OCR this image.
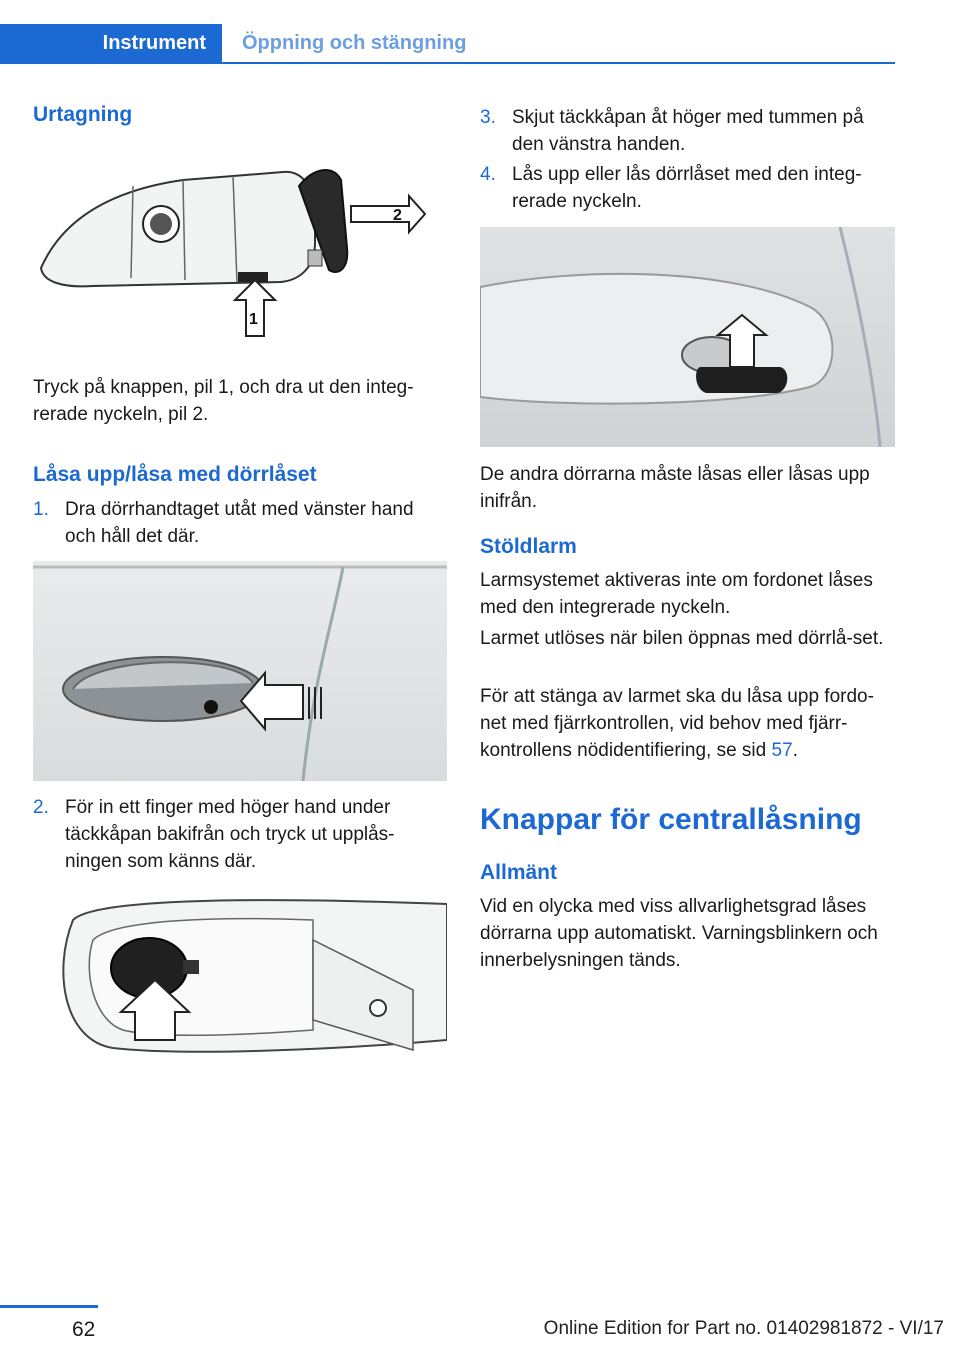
Instrument Öppning och stängning
Urtagning
2
1

Tryck på knappen, pil 1, och dra ut den integ‐rerade nyckeln, pil 2.

Låsa upp/låsa med dörrlåset
1. Dra dörrhandtaget utåt med vänster hand och håll det där.
2. För in ett finger med höger hand under täckkåpan bakifrån och tryck ut upplås‐ningen som känns där.
3. Skjut täckkåpan åt höger med tummen på den vänstra handen.
4. Lås upp eller lås dörrlåset med den integ‐rerade nyckeln.

De andra dörrarna måste låsas eller låsas upp inifrån.

Stöldlarm

Larmsystemet aktiveras inte om fordonet låses med den integrerade nyckeln.

Larmet utlöses när bilen öppnas med dörrlå‐set.

För att stänga av larmet ska du låsa upp fordo‐net med fjärrkontrollen, vid behov med fjärr‐kontrollens nödidentifiering, se sid 57.

Knappar för centrallåsning
Allmänt

Vid en olycka med viss allvarlighetsgrad låses dörrarna upp automatiskt. Varningsblinkern och innerbelysningen tänds.

62	Online Edition for Part no. 01402981872 - VI/17
